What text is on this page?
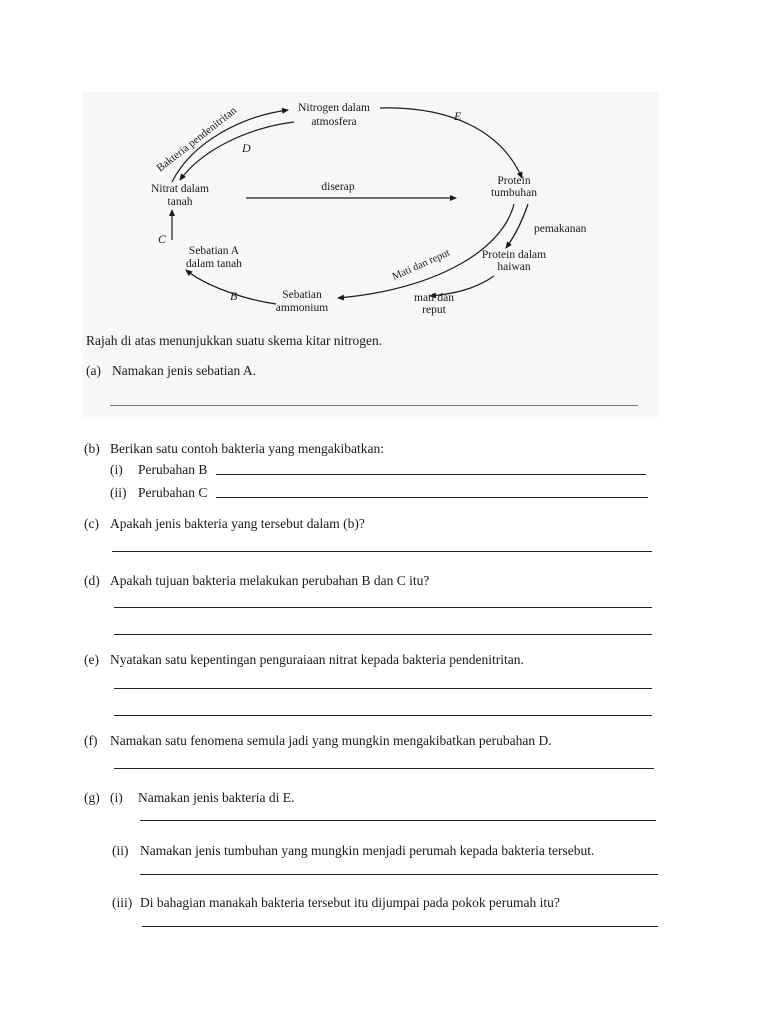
Nitrogen dalam
atmosfera
Bakteria pendenitritan D
E
Nitrat dalam
tanah
diserap	Protein
tumbuhan
pemakanan
C
Sebatian A
dalam tanah	Mati dan reput	Protein dalam
haiwan
B	Sebatian
ammonium
mati dan
reput
Rajah di atas menunjukkan suatu skema kitar nitrogen.
(a) Namakan jenis sebatian A.
(b) Berikan satu contoh bakteria yang mengakibatkan:
(i) Perubahan B
(ii) Perubahan C
(c) Apakah jenis bakteria yang tersebut dalam (b)?
(d) Apakah tujuan bakteria melakukan perubahan B dan C itu?
(e) Nyatakan satu kepentingan penguraiaan nitrat kepada bakteria pendenitritan.
(f) Namakan satu fenomena semula jadi yang mungkin mengakibatkan perubahan D.
(g) (i) Namakan jenis bakteria di E.
(ii) Namakan jenis tumbuhan yang mungkin menjadi perumah kepada bakteria tersebut.
(iii) Di bahagian manakah bakteria tersebut itu dijumpai pada pokok perumah itu?
